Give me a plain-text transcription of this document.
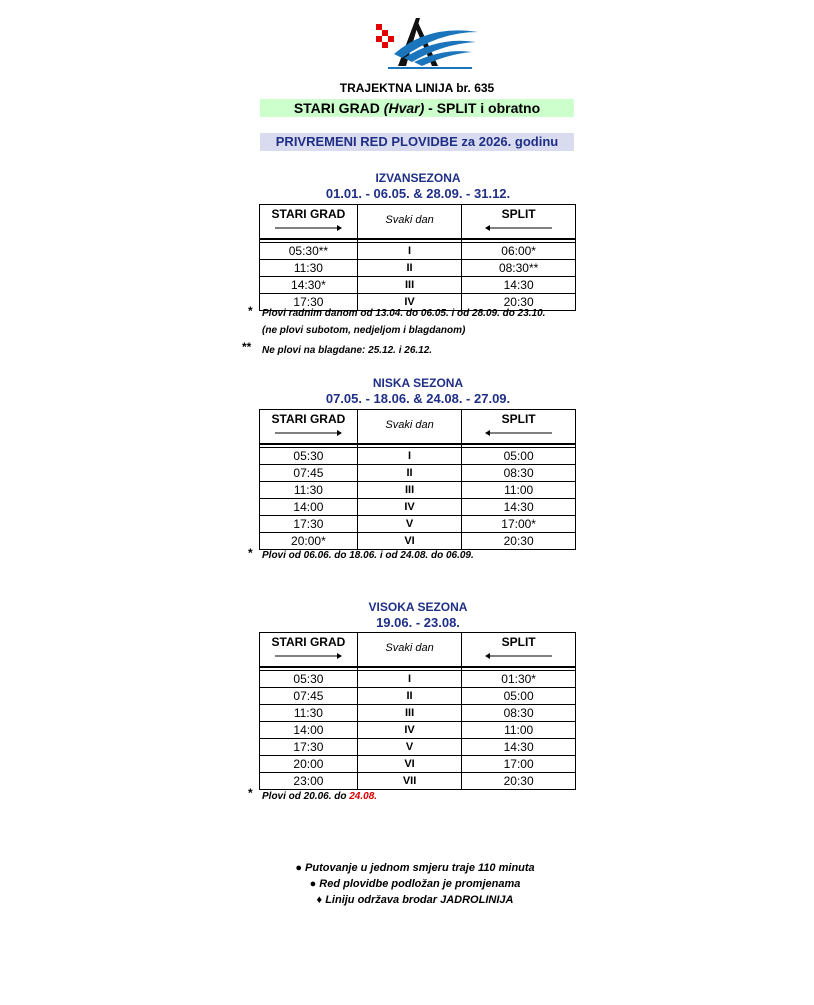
TRAJEKTNA LINIJA br. 635
STARI GRAD (Hvar) - SPLIT i obratno
PRIVREMENI RED PLOVIDBE za 2026. godinu
IZVANSEZONA
01.01. - 06.05. & 28.09. - 31.12.
STARI GRAD	Svaki dan	SPLIT

05:30**	I	06:00*
11:30	II	08:30**
14:30*	III	14:30
17:30	IV	20:30
* Plovi radnim danom od 13.04. do 06.05. i od 28.09. do 23.10.
(ne plovi subotom, nedjeljom i blagdanom)
** Ne plovi na blagdane: 25.12. i 26.12.
NISKA SEZONA
07.05. - 18.06. & 24.08. - 27.09.
STARI GRAD	Svaki dan	SPLIT

05:30	I	05:00
07:45	II	08:30
11:30	III	11:00
14:00	IV	14:30
17:30	V	17:00*
20:00*	VI	20:30
* Plovi od 06.06. do 18.06. i od 24.08. do 06.09.
VISOKA SEZONA
19.06. - 23.08.
STARI GRAD	Svaki dan	SPLIT

05:30	I	01:30*
07:45	II	05:00
11:30	III	08:30
14:00	IV	11:00
17:30	V	14:30
20:00	VI	17:00
23:00	VII	20:30
* Plovi od 20.06. do 24.08.
● Putovanje u jednom smjeru traje 110 minuta
● Red plovidbe podložan je promjenama
♦ Liniju održava brodar JADROLINIJA
